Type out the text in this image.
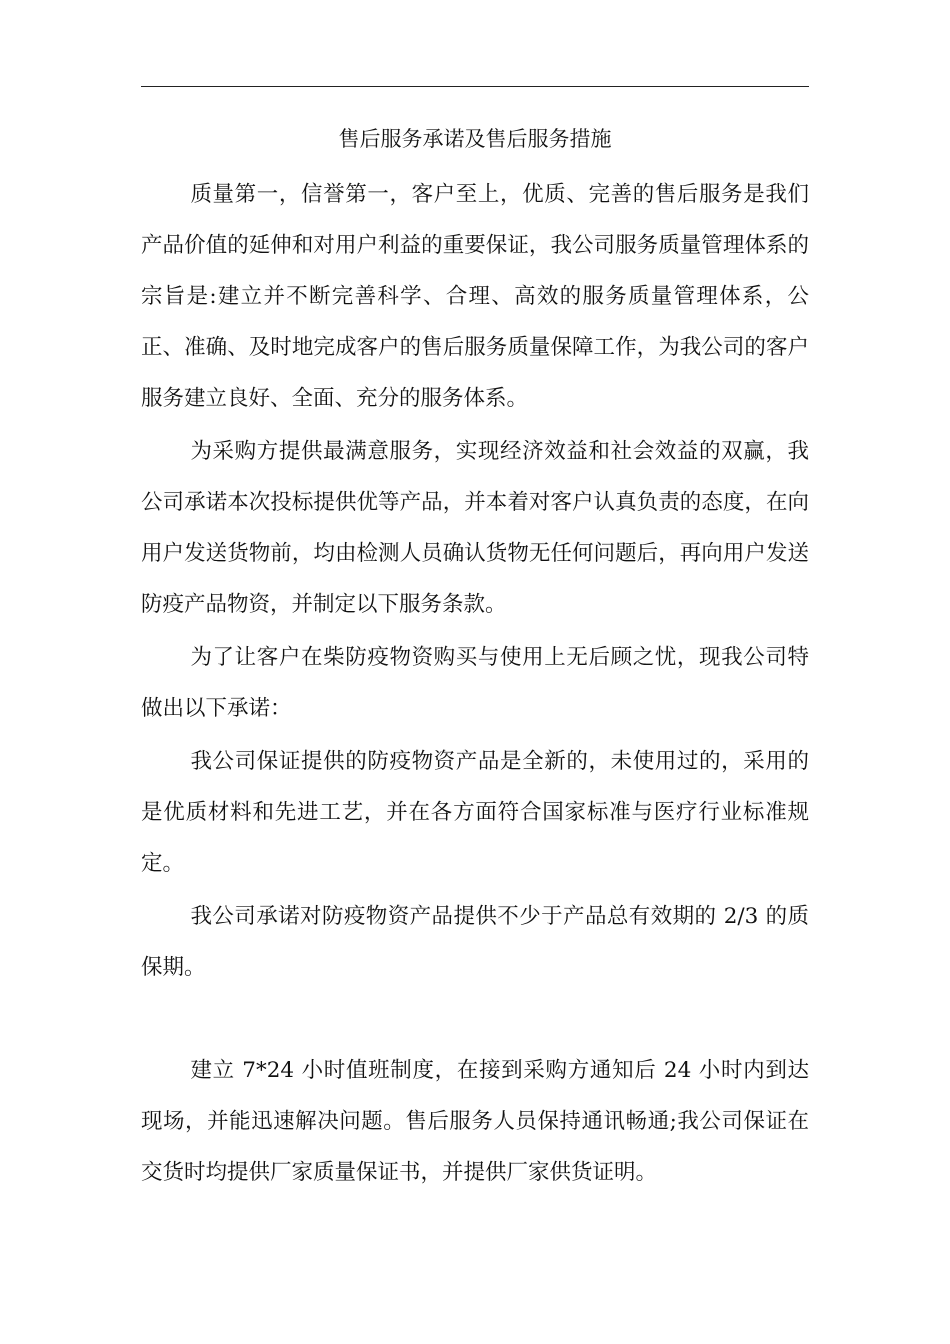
售后服务承诺及售后服务措施

质量第一，信誉第一，客户至上，优质、完善的售后服务是我们产品价值的延伸和对用户利益的重要保证，我公司服务质量管理体系的宗旨是:建立并不断完善科学、合理、高效的服务质量管理体系，公正、准确、及时地完成客户的售后服务质量保障工作，为我公司的客户服务建立良好、全面、充分的服务体系。

为采购方提供最满意服务，实现经济效益和社会效益的双赢，我公司承诺本次投标提供优等产品，并本着对客户认真负责的态度，在向用户发送货物前，均由检测人员确认货物无任何问题后，再向用户发送防疫产品物资，并制定以下服务条款。

为了让客户在柴防疫物资购买与使用上无后顾之忧，现我公司特做出以下承诺：

我公司保证提供的防疫物资产品是全新的，未使用过的，采用的是优质材料和先进工艺，并在各方面符合国家标准与医疗行业标准规定。

我公司承诺对防疫物资产品提供不少于产品总有效期的 2/3 的质保期。

建立 7*24 小时值班制度，在接到采购方通知后 24 小时内到达现场，并能迅速解决问题。售后服务人员保持通讯畅通;我公司保证在交货时均提供厂家质量保证书，并提供厂家供货证明。
